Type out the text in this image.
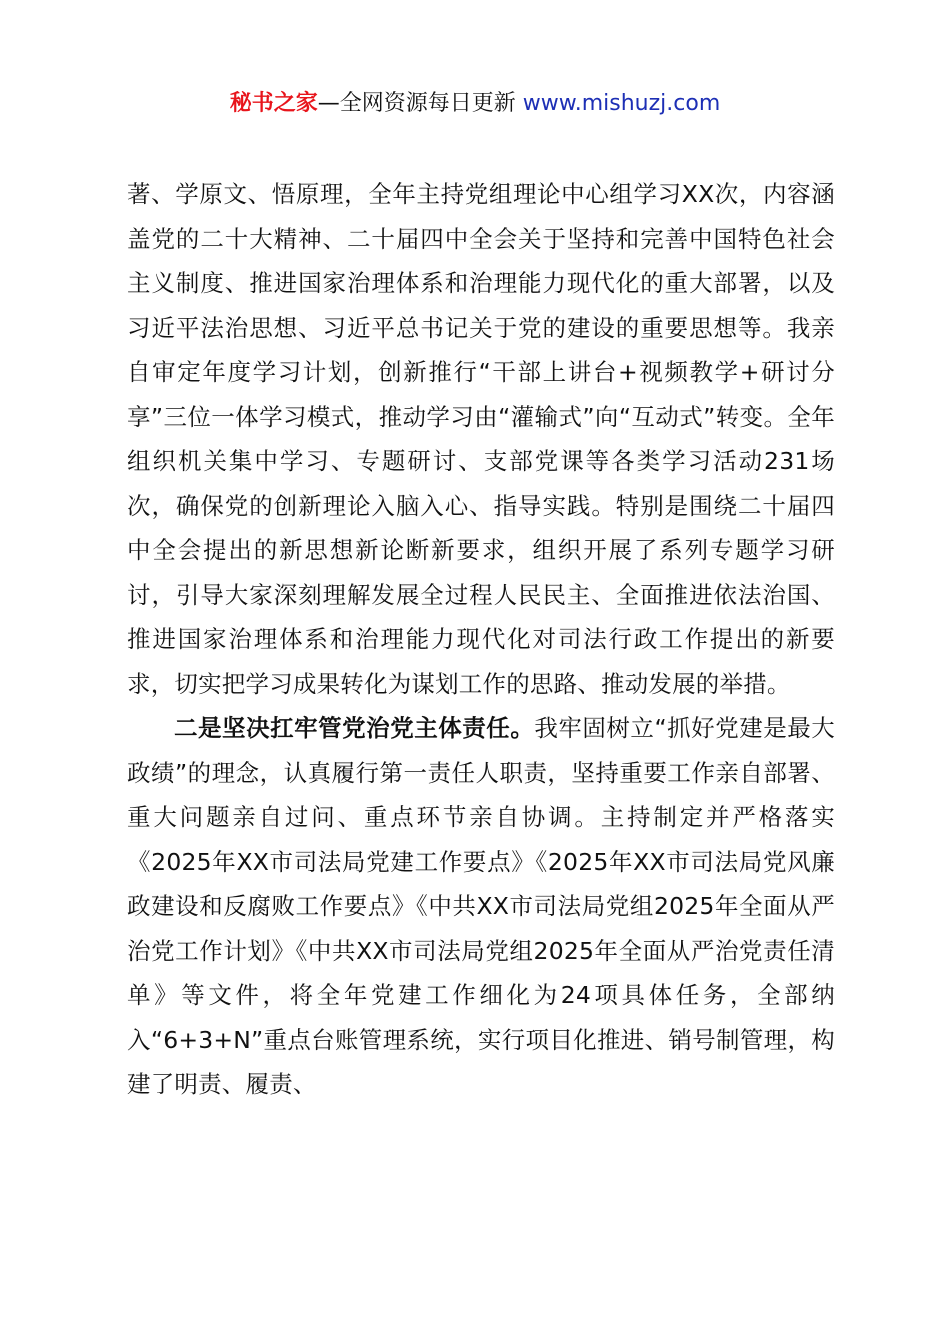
秘书之家—全网资源每日更新 www.mishuzj.com

著、学原文、悟原理，全年主持党组理论中心组学习XX次，内容涵盖党的二十大精神、二十届四中全会关于坚持和完善中国特色社会主义制度、推进国家治理体系和治理能力现代化的重大部署，以及习近平法治思想、习近平总书记关于党的建设的重要思想等。我亲自审定年度学习计划，创新推行“干部上讲台+视频教学+研讨分享”三位一体学习模式，推动学习由“灌输式”向“互动式”转变。全年组织机关集中学习、专题研讨、支部党课等各类学习活动231场次，确保党的创新理论入脑入心、指导实践。特别是围绕二十届四中全会提出的新思想新论断新要求，组织开展了系列专题学习研讨，引导大家深刻理解发展全过程人民民主、全面推进依法治国、推进国家治理体系和治理能力现代化对司法行政工作提出的新要求，切实把学习成果转化为谋划工作的思路、推动发展的举措。

二是坚决扛牢管党治党主体责任。我牢固树立“抓好党建是最大政绩”的理念，认真履行第一责任人职责，坚持重要工作亲自部署、重大问题亲自过问、重点环节亲自协调。主持制定并严格落实《2025年XX市司法局党建工作要点》《2025年XX市司法局党风廉政建设和反腐败工作要点》《中共XX市司法局党组2025年全面从严治党工作计划》《中共XX市司法局党组2025年全面从严治党责任清单》等文件，将全年党建工作细化为24项具体任务，全部纳入“6+3+N”重点台账管理系统，实行项目化推进、销号制管理，构建了明责、履责、
